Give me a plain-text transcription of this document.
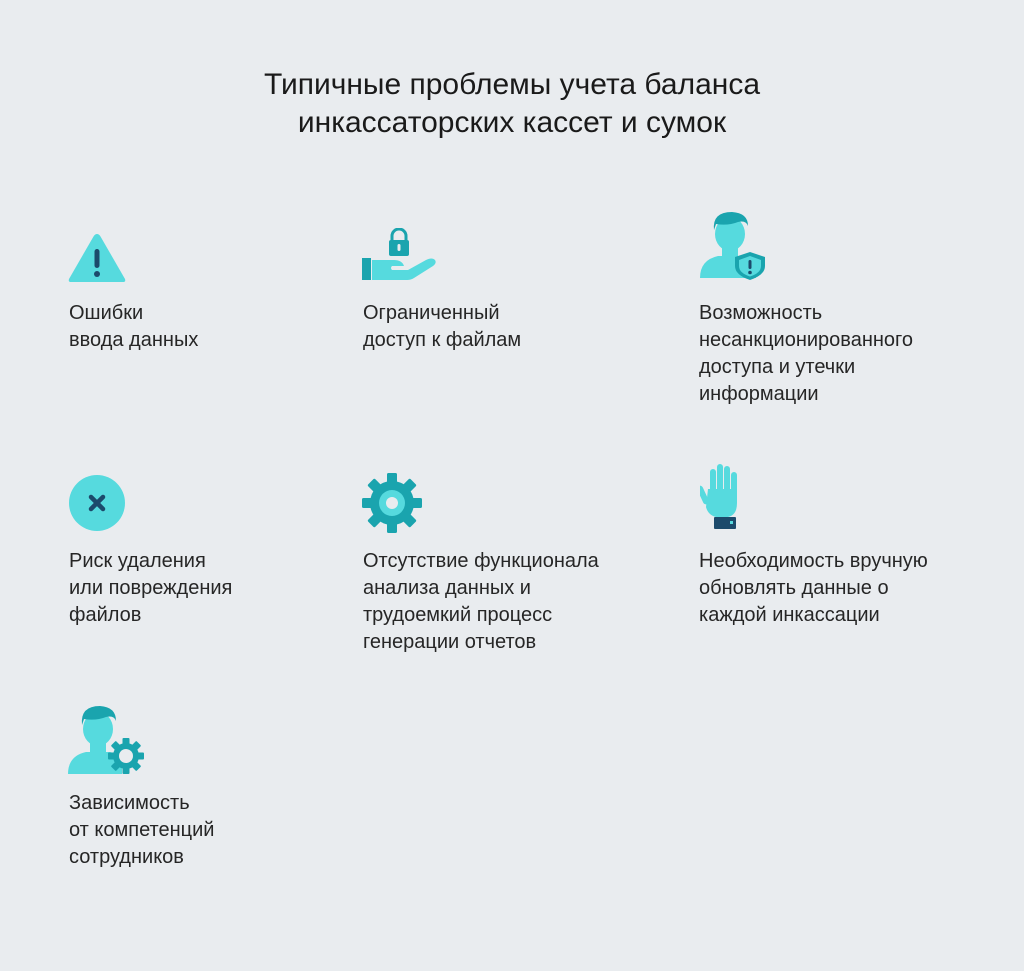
Типичные проблемы учета баланса
инкассаторских кассет и сумок
Ошибки
ввода данных
Ограниченный
доступ к файлам
Возможность
несанкционированного
доступа и утечки
информации
Риск удаления
или повреждения
файлов
Отсутствие функционала
анализа данных и
трудоемкий процесс
генерации отчетов
Необходимость вручную
обновлять данные о
каждой инкассации
Зависимость
от компетенций
сотрудников
